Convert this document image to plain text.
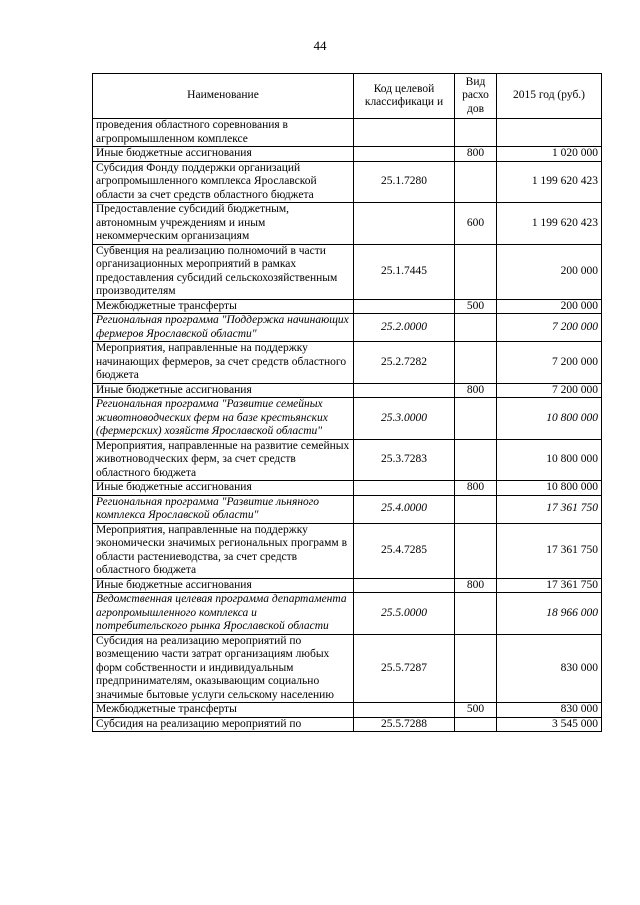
44
Наименование	Код целевой классификаци и	Вид расхо дов	2015 год (руб.)
проведения областного соревнования в агропромышленном комплексе			
Иные бюджетные ассигнования		800	1 020 000
Субсидия Фонду поддержки организаций агропромышленного комплекса Ярославской области за счет средств областного бюджета	25.1.7280		1 199 620 423
Предоставление субсидий бюджетным, автономным учреждениям и иным некоммерческим организациям		600	1 199 620 423
Субвенция на реализацию полномочий в части организационных мероприятий в рамках предоставления субсидий сельскохозяйственным производителям	25.1.7445		200 000
Межбюджетные трансферты		500	200 000
Региональная программа "Поддержка начинающих фермеров Ярославской области"	25.2.0000		7 200 000
Мероприятия, направленные на поддержку начинающих фермеров, за счет средств областного бюджета	25.2.7282		7 200 000
Иные бюджетные ассигнования		800	7 200 000
Региональная программа "Развитие семейных животноводческих ферм на базе крестьянских (фермерских) хозяйств Ярославской области"	25.3.0000		10 800 000
Мероприятия, направленные на развитие семейных животноводческих ферм, за счет средств областного бюджета	25.3.7283		10 800 000
Иные бюджетные ассигнования		800	10 800 000
Региональная программа "Развитие льняного комплекса Ярославской области"	25.4.0000		17 361 750
Мероприятия, направленные на поддержку экономически значимых региональных программ в области растениеводства, за счет средств областного бюджета	25.4.7285		17 361 750
Иные бюджетные ассигнования		800	17 361 750
Ведомственная целевая программа департамента агропромышленного комплекса и потребительского рынка Ярославской области	25.5.0000		18 966 000
Субсидия на реализацию мероприятий по возмещению части затрат организациям любых форм собственности и индивидуальным предпринимателям, оказывающим социально значимые бытовые услуги сельскому населению	25.5.7287		830 000
Межбюджетные трансферты		500	830 000
Субсидия на реализацию мероприятий по	25.5.7288		3 545 000
